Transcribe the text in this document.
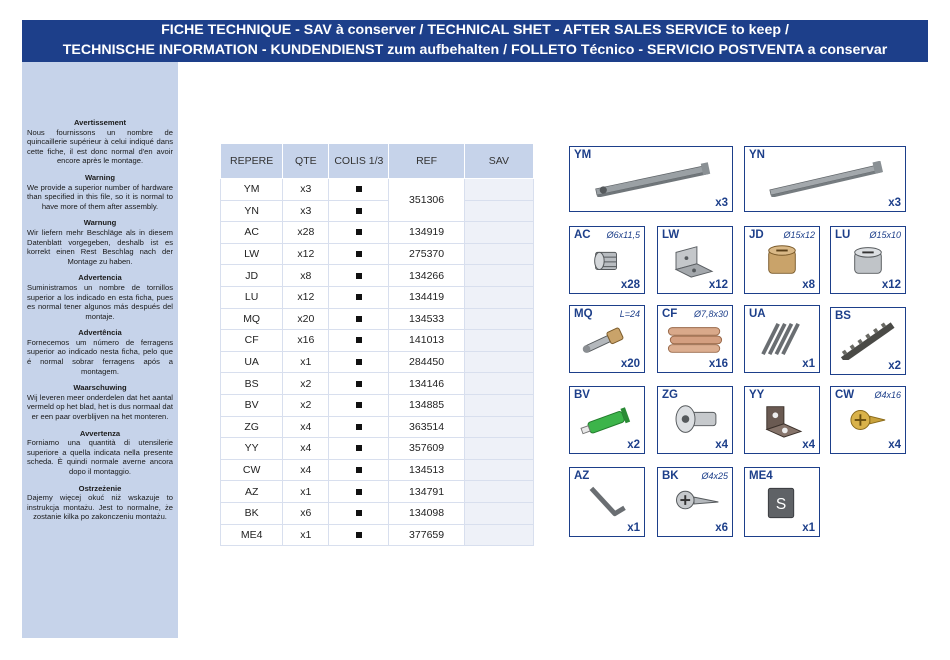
FICHE TECHNIQUE - SAV à conserver / TECHNICAL SHET - AFTER SALES SERVICE to keep /
TECHNISCHE INFORMATION - KUNDENDIENST zum aufbehalten / FOLLETO Técnico - SERVICIO POSTVENTA a conservar
Avertissement
Nous fournissons un nombre de quincaillerie supérieur à celui indiqué dans cette fiche, il est donc normal d'en avoir encore après le montage.
Warning
We provide a superior number of hardware than specified in this file, so it is normal to have more of them after assembly.
Warnung
Wir liefern mehr Beschläge als in diesem Datenblatt vorgegeben, deshalb ist es korrekt einen Rest Beschlag nach der Montage zu haben.
Advertencia
Suministramos un nombre de tornillos superior a los indicado en esta ficha, pues es normal tener algunos más después del montaje.
Advertência
Fornecemos um número de ferragens superior ao indicado nesta ficha, pelo que é normal sobrar ferragens após a montagem.
Waarschuwing
Wij leveren meer onderdelen dat het aantal vermeld op het blad, het is dus normaal dat er een paar overblijven na het monteren.
Avvertenza
Forniamo una quantità di utensilerie superiore a quella indicata nella presente scheda. È quindi normale averne ancora dopo il montaggio.
Ostrzeżenie
Dajemy więcej okuć niż wskazuje to instrukcja montażu. Jest to normalne, że zostanie kilka po zakonczeniu montażu.
REPERE	QTE	COLIS 1/3	REF	SAV
YM	x3		351306	
YN	x3			
AC	x28		134919	
LW	x12		275370	
JD	x8		134266	
LU	x12		134419	
MQ	x20		134533	
CF	x16		141013	
UA	x1		284450	
BS	x2		134146	
BV	x2		134885	
ZG	x4		363514	
YY	x4		357609	
CW	x4		134513	
AZ	x1		134791	
BK	x6		134098	
ME4	x1		377659	
YM
x3
YN
x3
AC Ø6x11,5
x28
LW
x12
JD Ø15x12
x8
LU Ø15x10
x12
MQ	L=24
x20
CF Ø7,8x30
x16
UA
x1
BS
x2
BV
x2
ZG
x4
YY
x4
CW Ø4x16
x4
AZ
x1
BK	Ø4x25
x6
ME4
S
x1
